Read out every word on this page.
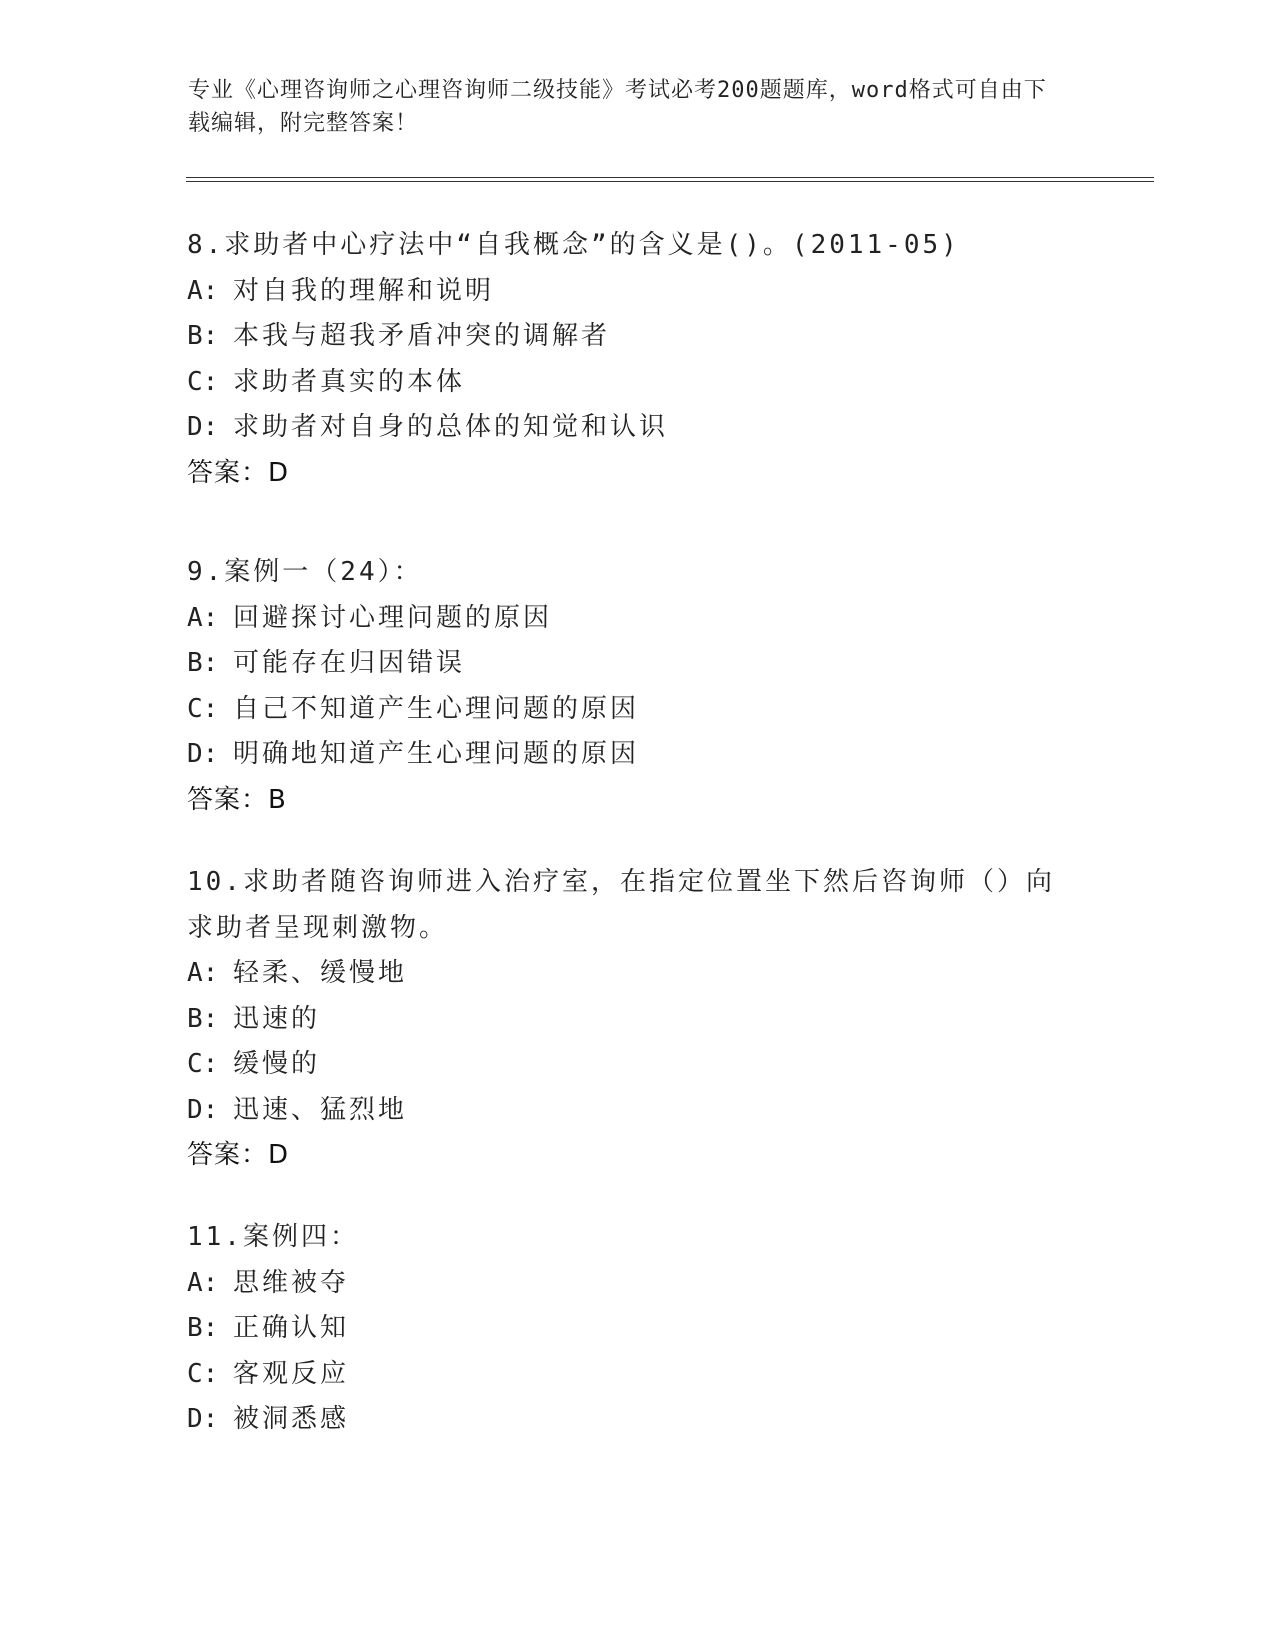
专业《心理咨询师之心理咨询师二级技能》考试必考200题题库，word格式可自由下载编辑，附完整答案！
8.求助者中心疗法中“自我概念”的含义是()。(2011-05)
A: 对自我的理解和说明
B: 本我与超我矛盾冲突的调解者
C: 求助者真实的本体
D: 求助者对自身的总体的知觉和认识
答案：D
9.案例一（24）：
A: 回避探讨心理问题的原因
B: 可能存在归因错误
C: 自己不知道产生心理问题的原因
D: 明确地知道产生心理问题的原因
答案：B
10.求助者随咨询师进入治疗室，在指定位置坐下然后咨询师（）向求助者呈现刺激物。
A: 轻柔、缓慢地
B: 迅速的
C: 缓慢的
D: 迅速、猛烈地
答案：D
11.案例四：
A: 思维被夺
B: 正确认知
C: 客观反应
D: 被洞悉感
